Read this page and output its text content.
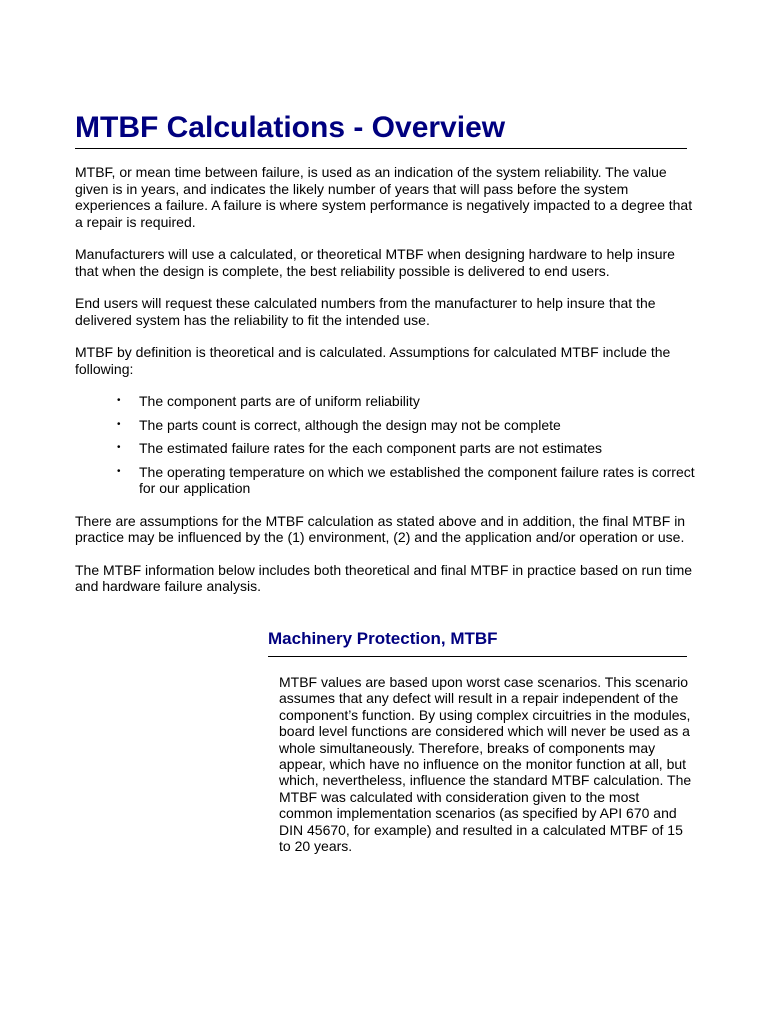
MTBF Calculations - Overview

MTBF, or mean time between failure, is used as an indication of the system reliability. The value given is in years, and indicates the likely number of years that will pass before the system experiences a failure. A failure is where system performance is negatively impacted to a degree that a repair is required.

Manufacturers will use a calculated, or theoretical MTBF when designing hardware to help insure that when the design is complete, the best reliability possible is delivered to end users.

End users will request these calculated numbers from the manufacturer to help insure that the delivered system has the reliability to fit the intended use.

MTBF by definition is theoretical and is calculated. Assumptions for calculated MTBF include the following:

• The component parts are of uniform reliability
• The parts count is correct, although the design may not be complete
• The estimated failure rates for the each component parts are not estimates
• The operating temperature on which we established the component failure rates is correct for our application

There are assumptions for the MTBF calculation as stated above and in addition, the final MTBF in practice may be influenced by the (1) environment, (2) and the application and/or operation or use.

The MTBF information below includes both theoretical and final MTBF in practice based on run time and hardware failure analysis.

Machinery Protection, MTBF

MTBF values are based upon worst case scenarios. This scenario assumes that any defect will result in a repair independent of the component’s function. By using complex circuitries in the modules, board level functions are considered which will never be used as a whole simultaneously. Therefore, breaks of components may appear, which have no influence on the monitor function at all, but which, nevertheless, influence the standard MTBF calculation. The MTBF was calculated with consideration given to the most common implementation scenarios (as specified by API 670 and DIN 45670, for example) and resulted in a calculated MTBF of 15 to 20 years.
